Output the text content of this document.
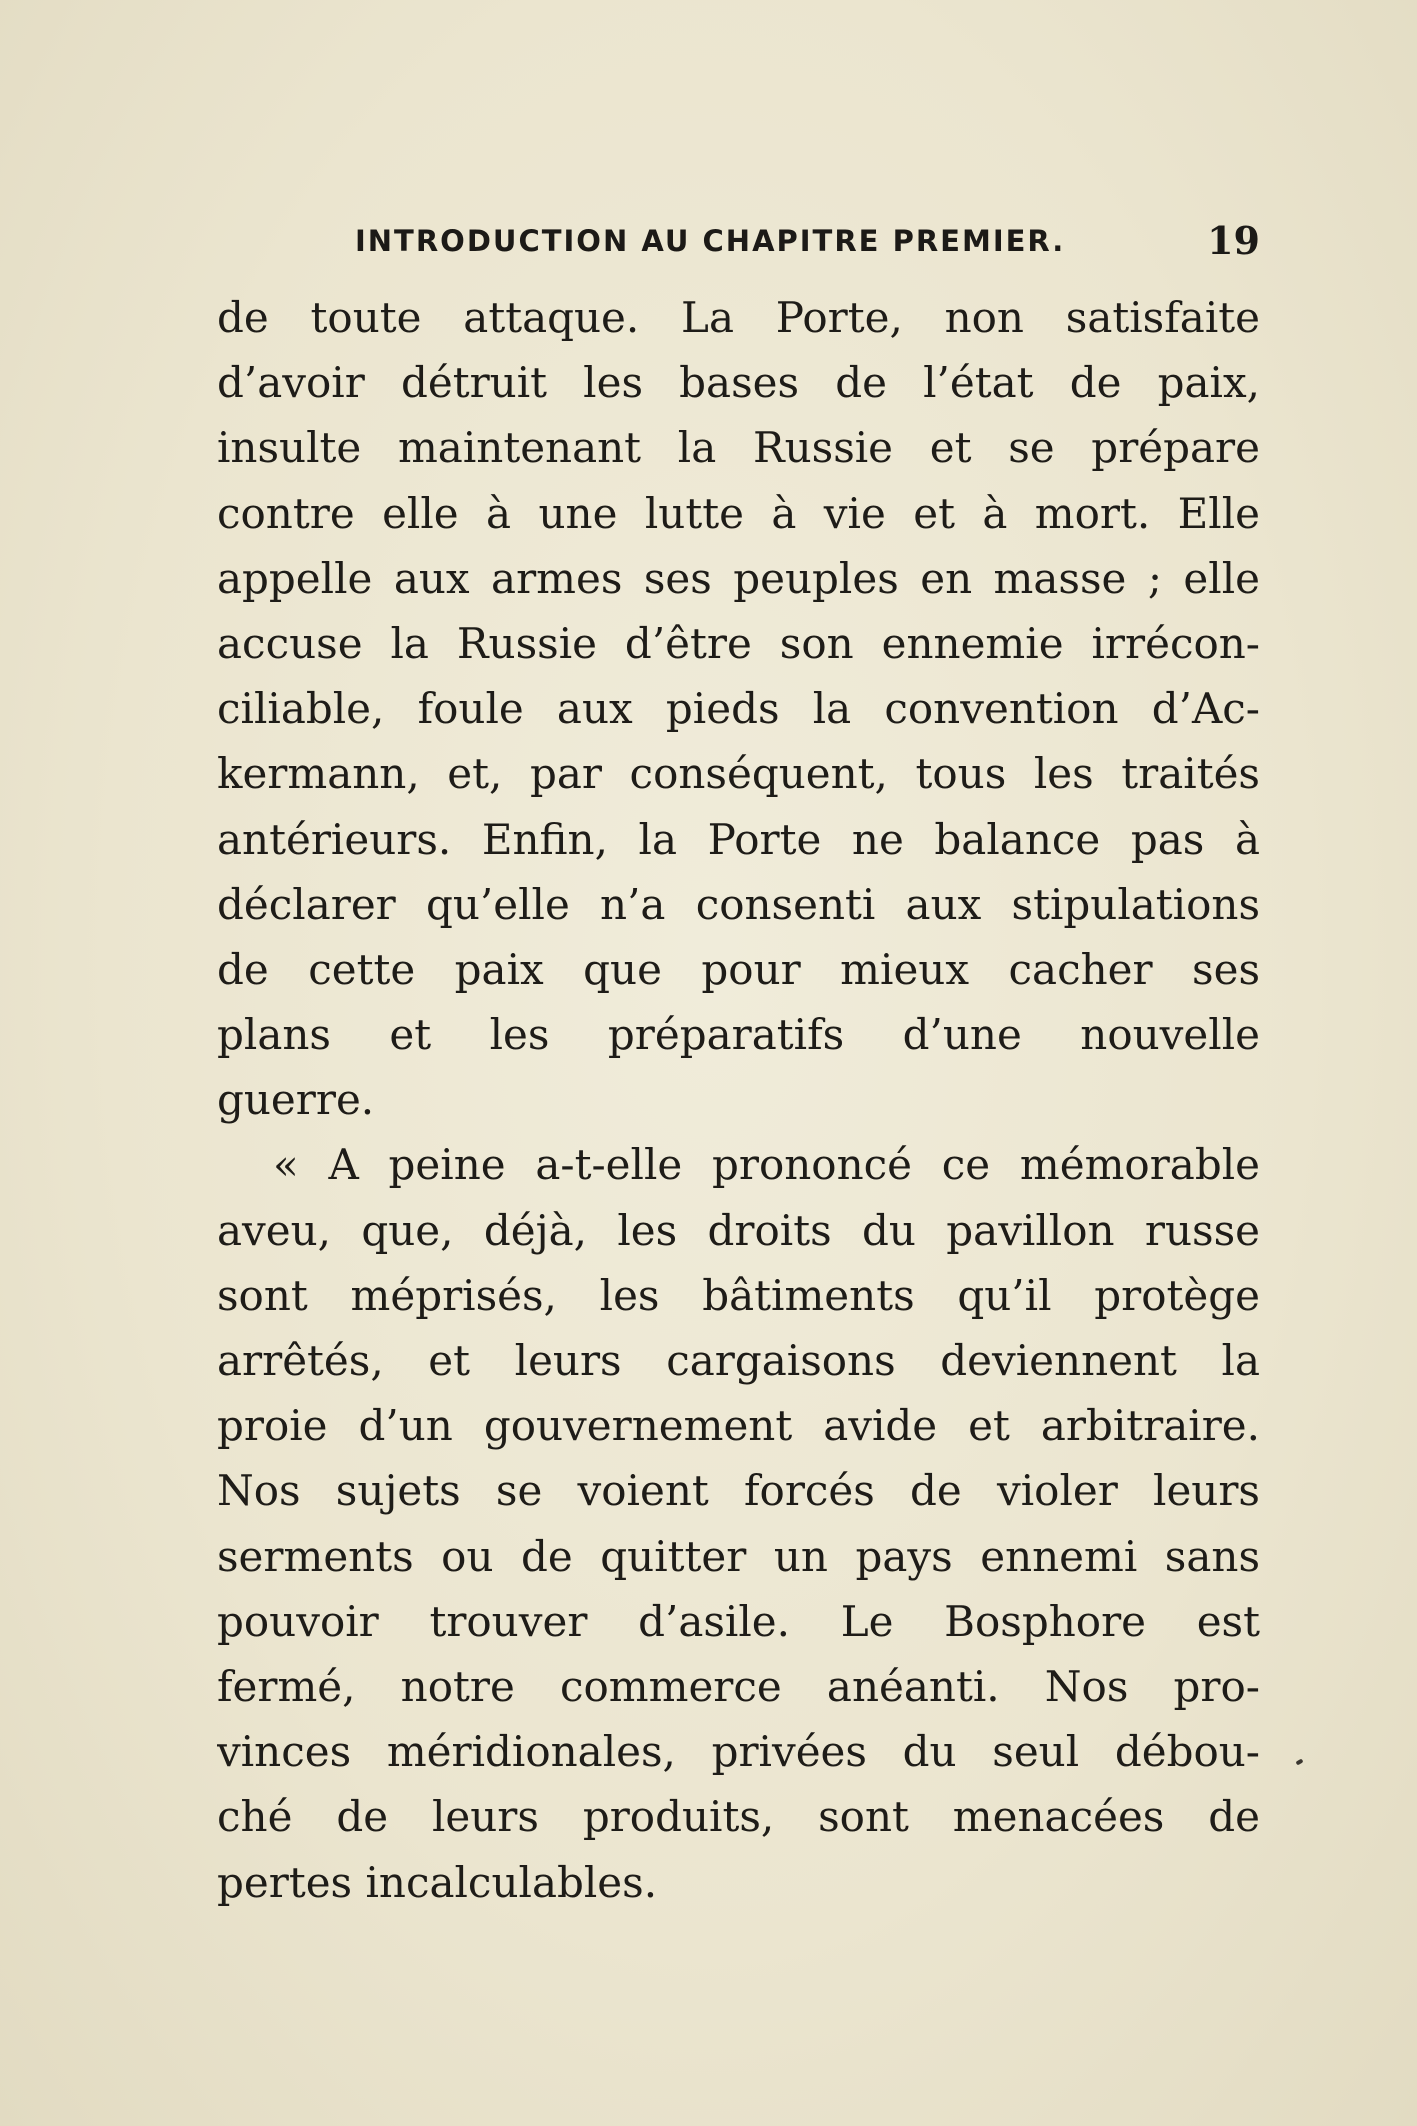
INTRODUCTION AU CHAPITRE PREMIER.	19
de toute attaque. La Porte, non satisfaite
d’avoir détruit les bases de l’état de paix,
insulte maintenant la Russie et se prépare
contre elle à une lutte à vie et à mort. Elle
appelle aux armes ses peuples en masse ; elle
accuse la Russie d’être son ennemie irrécon-
ciliable, foule aux pieds la convention d’Ac-
kermann, et, par conséquent, tous les traités
antérieurs. Enfin, la Porte ne balance pas à
déclarer qu’elle n’a consenti aux stipulations
de cette paix que pour mieux cacher ses
plans et les préparatifs d’une nouvelle
guerre.
« A peine a-t-elle prononcé ce mémorable
aveu, que, déjà, les droits du pavillon russe
sont méprisés, les bâtiments qu’il protège
arrêtés, et leurs cargaisons deviennent la
proie d’un gouvernement avide et arbitraire.
Nos sujets se voient forcés de violer leurs
serments ou de quitter un pays ennemi sans
pouvoir trouver d’asile. Le Bosphore est
fermé, notre commerce anéanti. Nos pro-
vinces méridionales, privées du seul débou-
ché de leurs produits, sont menacées de
pertes incalculables.
